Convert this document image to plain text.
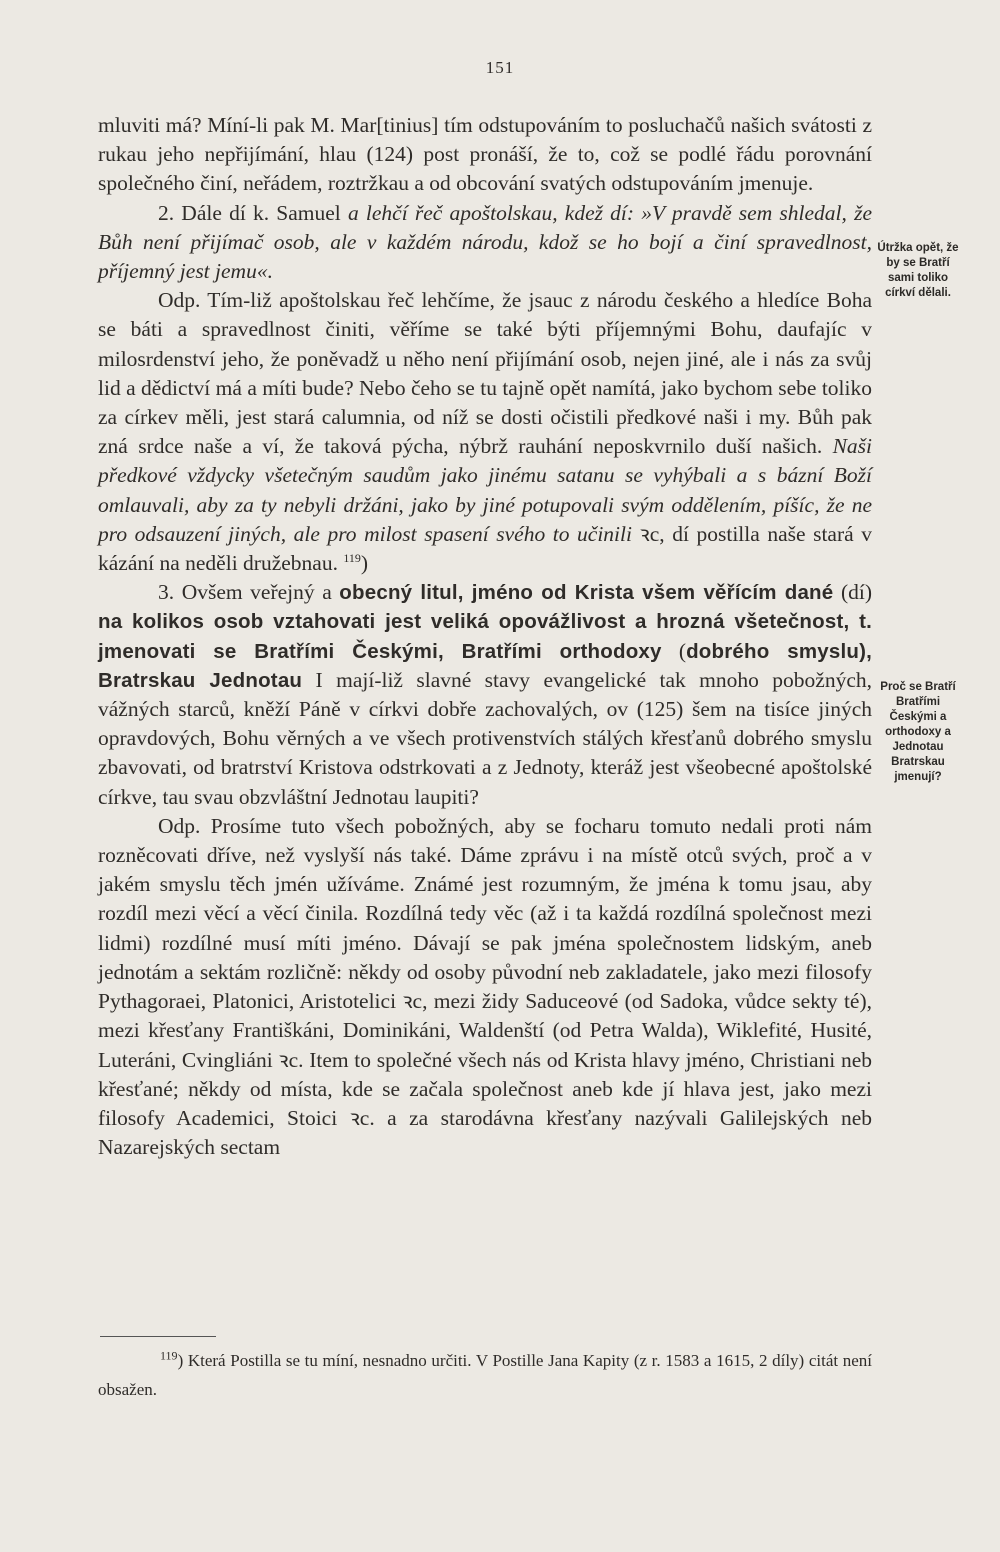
151

mluviti má? Míní-li pak M. Mar[tinius] tím odstupováním to posluchačů našich svátosti z rukau jeho nepřijímání, hlau (124) post pronáší, že to, což se podlé řádu porovnání společného činí, neřádem, roztržkau a od obcování svatých odstupováním jmenuje.

2. Dále dí k. Samuel a lehčí řeč apoštolskau, kdež dí: »V pravdě sem shledal, že Bůh není přijímač osob, ale v každém národu, kdož se ho bojí a činí spravedlnost, příjemný jest jemu«.

Odp. Tím-liž apoštolskau řeč lehčíme, že jsauc z národu českého a hledíce Boha se báti a spravedlnost činiti, věříme se také býti příjemnými Bohu, daufajíc v milosrdenství jeho, že poněvadž u něho není přijímání osob, nejen jiné, ale i nás za svůj lid a dědictví má a míti bude? Nebo čeho se tu tajně opět namítá, jako bychom sebe toliko za církev měli, jest stará calumnia, od níž se dosti očistili předkové naši i my. Bůh pak zná srdce naše a ví, že taková pýcha, nýbrž rauhání neposkvrnilo duší našich. Naši předkové vždycky všetečným saudům jako jinému satanu se vyhýbali a s bázní Boží omlauvali, aby za ty nebyli držáni, jako by jiné potupovali svým oddělením, píšíc, že ne pro odsauzení jiných, ale pro milost spasení svého to učinili ꝛc, dí postilla naše stará v kázání na neděli družebnau. $^{119}$)

3. Ovšem veřejný a obecný litul, jméno od Krista všem věřícím dané (dí) na kolikos osob vztahovati jest veliká opovážlivost a hrozná všetečnost, t. jmenovati se Bratřími Českými, Bratřími orthodoxy (dobrého smyslu), Bratrskau Jednotau I mají-liž slavné stavy evangelické tak mnoho pobožných, vážných starců, kněží Páně v církvi dobře zachovalých, ov (125) šem na tisíce jiných opravdových, Bohu věrných a ve všech protivenstvích stálých křesťanů dobrého smyslu zbavovati, od bratrství Kristova odstrkovati a z Jednoty, kteráž jest všeobecné apoštolské církve, tau svau obzvláštní Jednotau laupiti?

Odp. Prosíme tuto všech pobožných, aby se focharu tomuto nedali proti nám rozněcovati dříve, než vyslyší nás také. Dáme zprávu i na místě otců svých, proč a v jakém smyslu těch jmén užíváme. Známé jest rozumným, že jména k tomu jsau, aby rozdíl mezi věcí a věcí činila. Rozdílná tedy věc (až i ta každá rozdílná společnost mezi lidmi) rozdílné musí míti jméno. Dávají se pak jména společnostem lidským, aneb jednotám a sektám rozličně: někdy od osoby původní neb zakladatele, jako mezi filosofy Pythagoraei, Platonici, Aristotelici ꝛc, mezi židy Saduceové (od Sadoka, vůdce sekty té), mezi křesťany Františkáni, Dominikáni, Waldenští (od Petra Walda), Wiklefité, Husité, Luteráni, Cvingliáni ꝛc. Item to společné všech nás od Krista hlavy jméno, Christiani neb křesťané; někdy od místa, kde se začala společnost aneb kde jí hlava jest, jako mezi filosofy Academici, Stoici ꝛc. a za starodávna křesťany nazývali Galilejských neb Nazarejských sectam

Útržka opět, že by se Bratří sami toliko církví dělali.
Proč se Bratří Bratřími Českými a orthodoxy a Jednotau Bratrskau jmenují?
$^{119}$) Která Postilla se tu míní, nesnadno určiti. V Postille Jana Kapity (z r. 1583 a 1615, 2 díly) citát není obsažen.
